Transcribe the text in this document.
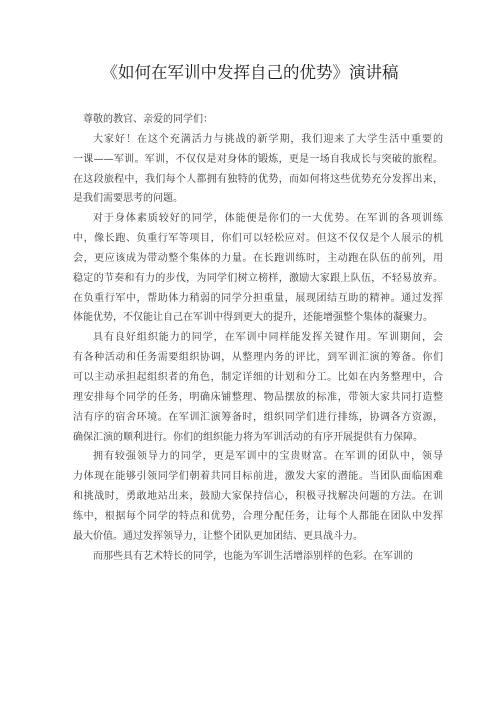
《如何在军训中发挥自己的优势》演讲稿
尊敬的教官、亲爱的同学们：
大家好！在这个充满活力与挑战的新学期，我们迎来了大学生活中重要的
一课——军训。军训，不仅仅是对身体的锻炼，更是一场自我成长与突破的旅程。
在这段旅程中，我们每个人都拥有独特的优势，而如何将这些优势充分发挥出来，
是我们需要思考的问题。
对于身体素质较好的同学，体能便是你们的一大优势。在军训的各项训练
中，像长跑、负重行军等项目，你们可以轻松应对。但这不仅仅是个人展示的机
会，更应该成为带动整个集体的力量。在长跑训练时，主动跑在队伍的前列，用
稳定的节奏和有力的步伐，为同学们树立榜样，激励大家跟上队伍，不轻易放弃。
在负重行军中，帮助体力稍弱的同学分担重量，展现团结互助的精神。通过发挥
体能优势，不仅能让自己在军训中得到更大的提升，还能增强整个集体的凝聚力。
具有良好组织能力的同学，在军训中同样能发挥关键作用。军训期间，会
有各种活动和任务需要组织协调，从整理内务的评比，到军训汇演的筹备。你们
可以主动承担起组织者的角色，制定详细的计划和分工。比如在内务整理中，合
理安排每个同学的任务，明确床铺整理、物品摆放的标准，带领大家共同打造整
洁有序的宿舍环境。在军训汇演筹备时，组织同学们进行排练，协调各方资源，
确保汇演的顺利进行。你们的组织能力将为军训活动的有序开展提供有力保障。
拥有较强领导力的同学，更是军训中的宝贵财富。在军训的团队中，领导
力体现在能够引领同学们朝着共同目标前进，激发大家的潜能。当团队面临困难
和挑战时，勇敢地站出来，鼓励大家保持信心，积极寻找解决问题的方法。在训
练中，根据每个同学的特点和优势，合理分配任务，让每个人都能在团队中发挥
最大价值。通过发挥领导力，让整个团队更加团结、更具战斗力。
而那些具有艺术特长的同学，也能为军训生活增添别样的色彩。在军训的
